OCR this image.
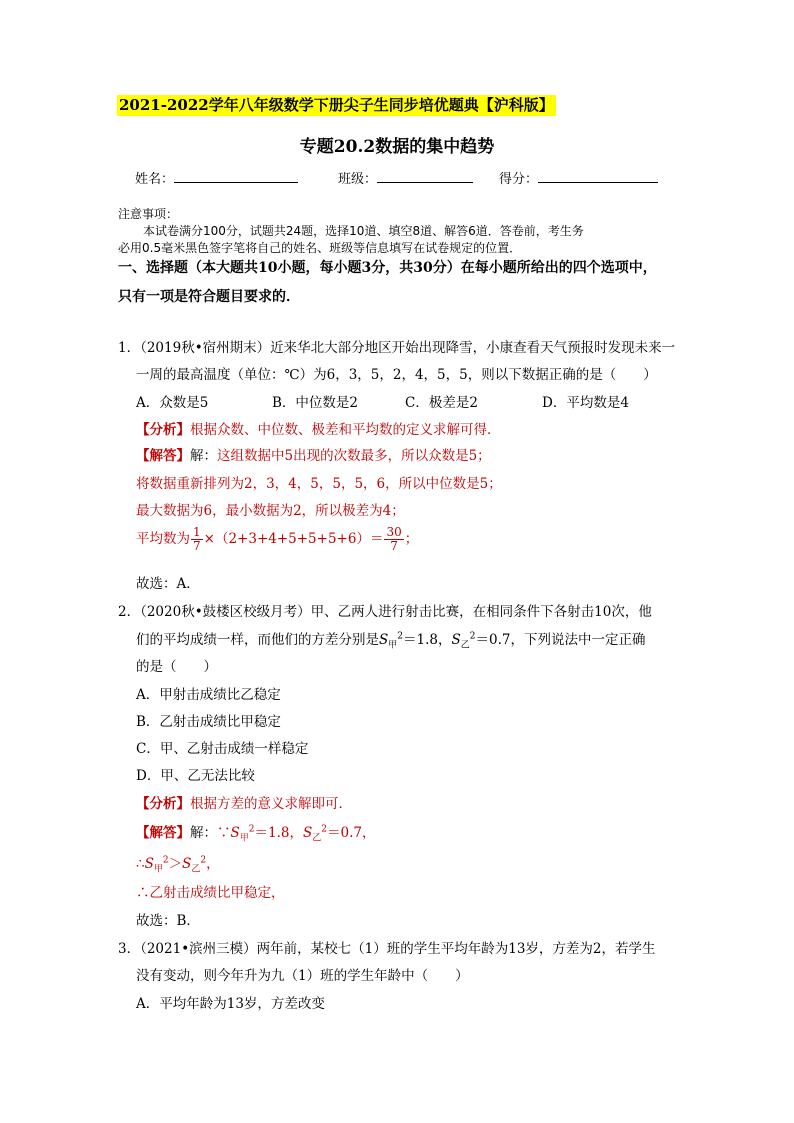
2021-2022学年八年级数学下册尖子生同步培优题典【沪科版】
专题20.2数据的集中趋势
姓名：	班级：	得分：
注意事项：
本试卷满分100分，试题共24题，选择10道、填空8道、解答6道．答卷前，考生务
必用0.5毫米黑色签字笔将自己的姓名、班级等信息填写在试卷规定的位置．
一、选择题（本大题共10小题，每小题3分，共30分）在每小题所给出的四个选项中，
只有一项是符合题目要求的．
1．（2019秋•宿州期末）近来华北大部分地区开始出现降雪，小康查看天气预报时发现未来一
一周的最高温度（单位：℃）为6，3，5，2，4，5，5，则以下数据正确的是（　　）
A．众数是5	B．中位数是2	C．极差是2	D．平均数是4
【分析】根据众数、中位数、极差和平均数的定义求解可得．
【解答】解：这组数据中5出现的次数最多，所以众数是5；
将数据重新排列为2，3，4，5，5，5，6，所以中位数是5；
最大数据为6，最小数据为2，所以极差为4；
平均数为 $\frac{1}{7} \times(2+3+4+5+5+5+6)= \frac{30}{7}$ ；
故选：A．
2．（2020秋•鼓楼区校级月考）甲、乙两人进行射击比赛，在相同条件下各射击10次，他
们的平均成绩一样，而他们的方差分别是$S_甲^2=1.8$，$S_乙^2=0.7$，下列说法中一定正确
的是（　　）
A．甲射击成绩比乙稳定
B．乙射击成绩比甲稳定
C．甲、乙射击成绩一样稳定
D．甲、乙无法比较
【分析】根据方差的意义求解即可．
【解答】解：$\because S_甲^2=1.8$，$S_乙^2=0.7$，
$\therefore S_甲^2>S_乙^2$，
∴乙射击成绩比甲稳定，
故选：B．
3．（2021•滨州三模）两年前，某校七（1）班的学生平均年龄为13岁，方差为2，若学生
没有变动，则今年升为九（1）班的学生年龄中（　　）
A．平均年龄为13岁，方差改变
